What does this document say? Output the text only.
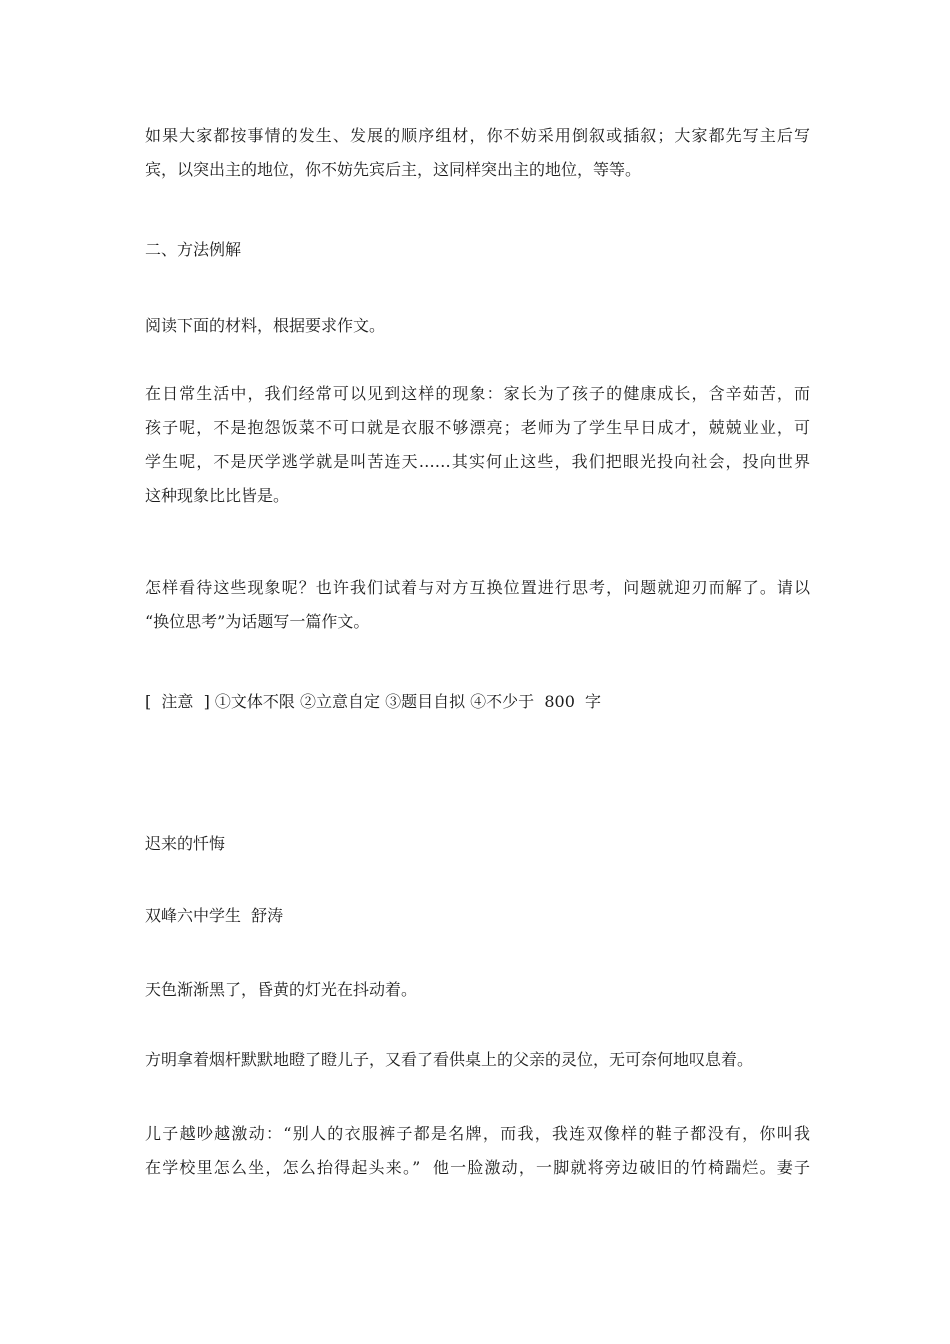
如果大家都按事情的发生、发展的顺序组材，你不妨采用倒叙或插叙；大家都先写主后写
宾，以突出主的地位，你不妨先宾后主，这同样突出主的地位，等等。
二、方法例解
阅读下面的材料，根据要求作文。
在日常生活中，我们经常可以见到这样的现象：家长为了孩子的健康成长，含辛茹苦，而
孩子呢，不是抱怨饭菜不可口就是衣服不够漂亮；老师为了学生早日成才，兢兢业业，可
学生呢，不是厌学逃学就是叫苦连天……其实何止这些，我们把眼光投向社会，投向世界
这种现象比比皆是。
怎样看待这些现象呢？也许我们试着与对方互换位置进行思考，问题就迎刃而解了。请以
“换位思考”为话题写一篇作文。
[  注意  ] ①文体不限 ②立意自定 ③题目自拟 ④不少于  800  字
迟来的忏悔
双峰六中学生  舒涛
天色渐渐黑了，昏黄的灯光在抖动着。
方明拿着烟杆默默地瞪了瞪儿子，又看了看供桌上的父亲的灵位，无可奈何地叹息着。
儿子越吵越激动：“别人的衣服裤子都是名牌，而我，我连双像样的鞋子都没有，你叫我
在学校里怎么坐，怎么抬得起头来。”  他一脸激动，一脚就将旁边破旧的竹椅踹烂。妻子
